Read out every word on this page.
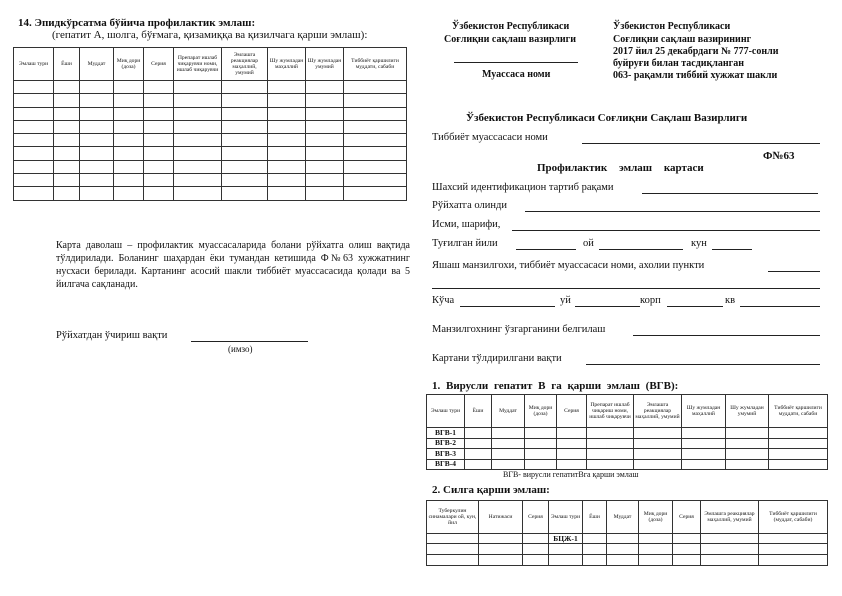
14. Эпидкўрсатма бўйича профилактик эмлаш:
(гепатит А, шолга, бўғмага, қизамиққа ва қизилчага қарши эмлаш):
Эмлаш тури	Ёши	Муддат	Миқ дори (доза)	Серия	Препарат ишлаб чиқарувчи номи, ишлаб чиқарувчи	Эмлашга реакциялар маҳаллий, умумий	Шу жумладан маҳаллий	Шу жумладан умумий	Тиббиёт қаршилиги муддати, сабаби

Карта даволаш – профилактик муассасаларида болани рўйхатга олиш вақтида тўлдирилади. Боланинг шаҳардан ёки тумандан кетишида Ф№63 хужжатнинг нусхаси берилади. Картанинг асосий шакли тиббиёт муассасасида қолади ва 5 йилгача сақланади.
Рўйхатдан ўчириш вақти
(имзо)
Ўзбекистон Республикаси
Соғлиқни сақлаш вазирлиги
Муассаса номи
Ўзбекистон Республикаси
Соғлиқни сақлаш вазирининг
2017 йил 25 декабрдаги № 777-сонли
буйруғи билан тасдиқланган
063- рақамли тиббий хужжат шакли
Ўзбекистон Республикаси Соғлиқни Сақлаш Вазирлиги
Тиббиёт муассасаси номи
Ф№63
Профилактик эмлаш картаси
Шахсий идентификацион тартиб рақами
Рўйхатга олинди
Исми, шарифи,
Туғилган йили	ой	кун
Яшаш манзилгохи, тиббиёт муассасаси номи, ахолии пункти
Кўча	уй	корп	кв
Манзилгохнинг ўзгарганини белгилаш
Картани тўлдирилгани вақти
1. Вирусли гепатит В га қарши эмлаш (ВГВ):
Эмлаш тури	Ёши	Муддат	Миқ дори (доза)	Серия	Препарат ишлаб чиқариш номи, ишлаб чиқарувчи	Эмлашга реакциялар маҳаллий, умумий	Шу жумладан маҳаллий	Шу жумладан умумий	Тиббиёт қаршилиги муддати, сабаби
ВГВ-1									
ВГВ-2									
ВГВ-3									
ВГВ-4									
ВГВ- вирусли гепатитВга қарши эмлаш
2. Силга қарши эмлаш:
Туберкулин синамалари ой, кун, йил	Натижаси	Серия	Эмлаш тури	Ёши	Муддат	Миқ дори (доза)	Серия	Эмлашга реакциялар маҳаллий, умумий	Тиббиёт қаршилиги (муддат, сабаби)
			БЦЖ-1						
